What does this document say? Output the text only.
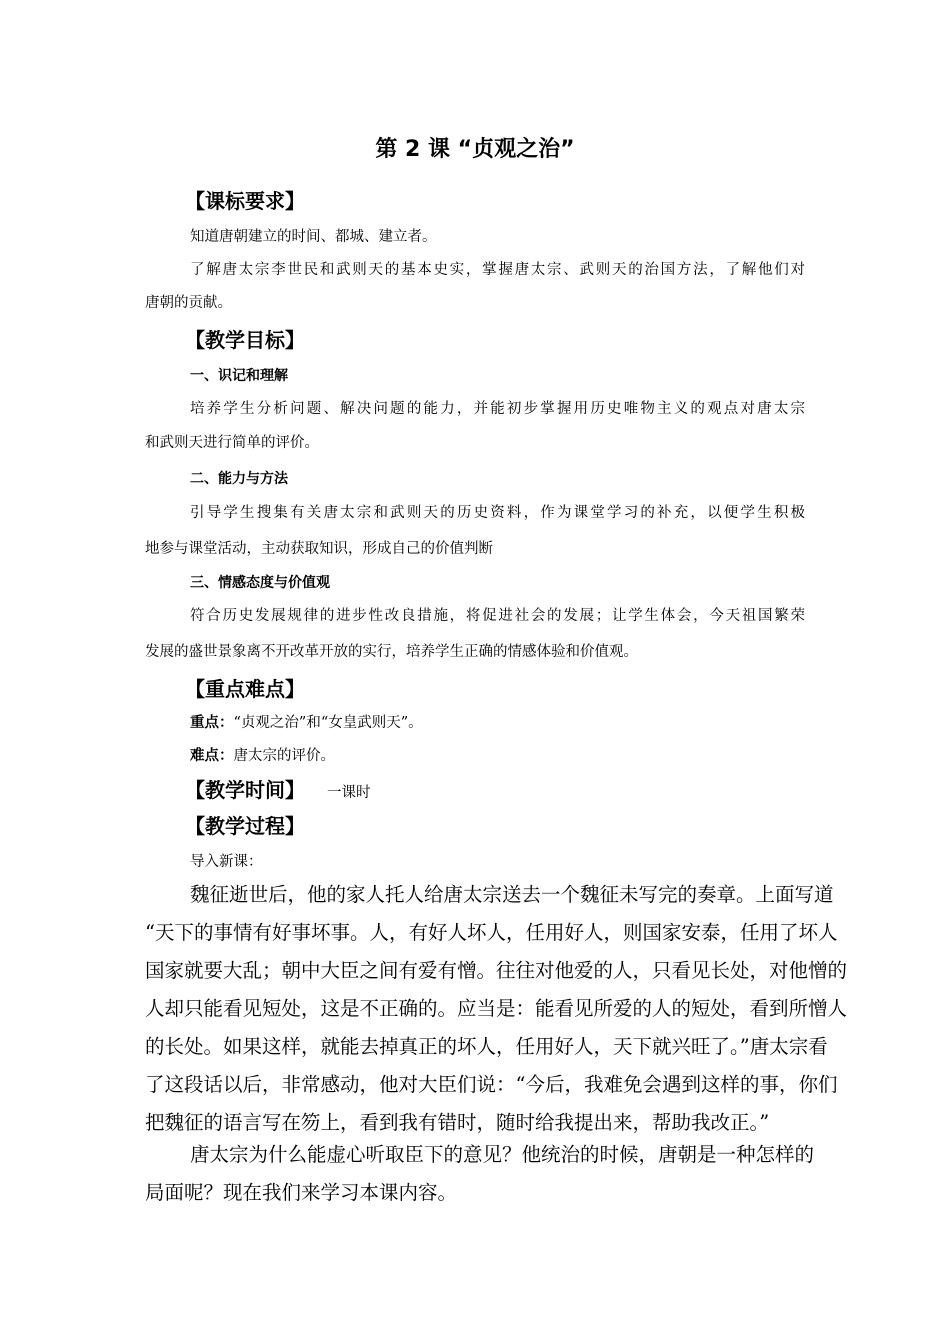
第 2 课 “贞观之治”
【课标要求】
知道唐朝建立的时间、都城、建立者。
了解唐太宗李世民和武则天的基本史实，掌握唐太宗、武则天的治国方法，了解他们对
唐朝的贡献。
【教学目标】
一、识记和理解
培养学生分析问题、解决问题的能力，并能初步掌握用历史唯物主义的观点对唐太宗
和武则天进行简单的评价。
二、能力与方法
引导学生搜集有关唐太宗和武则天的历史资料，作为课堂学习的补充，以便学生积极
地参与课堂活动，主动获取知识，形成自己的价值判断
三、情感态度与价值观
符合历史发展规律的进步性改良措施，将促进社会的发展；让学生体会，今天祖国繁荣
发展的盛世景象离不开改革开放的实行，培养学生正确的情感体验和价值观。
【重点难点】
重点：“贞观之治”和“女皇武则天”。
难点：唐太宗的评价。
【教学时间】 一课时
【教学过程】
导入新课：
魏征逝世后，他的家人托人给唐太宗送去一个魏征未写完的奏章。上面写道
“天下的事情有好事坏事。人，有好人坏人，任用好人，则国家安泰，任用了坏人
国家就要大乱；朝中大臣之间有爱有憎。往往对他爱的人，只看见长处，对他憎的
人却只能看见短处，这是不正确的。应当是：能看见所爱的人的短处，看到所憎人
的长处。如果这样，就能去掉真正的坏人，任用好人，天下就兴旺了。”唐太宗看
了这段话以后，非常感动，他对大臣们说：“今后，我难免会遇到这样的事，你们
把魏征的语言写在笏上，看到我有错时，随时给我提出来，帮助我改正。”
唐太宗为什么能虚心听取臣下的意见？他统治的时候，唐朝是一种怎样的
局面呢？现在我们来学习本课内容。
